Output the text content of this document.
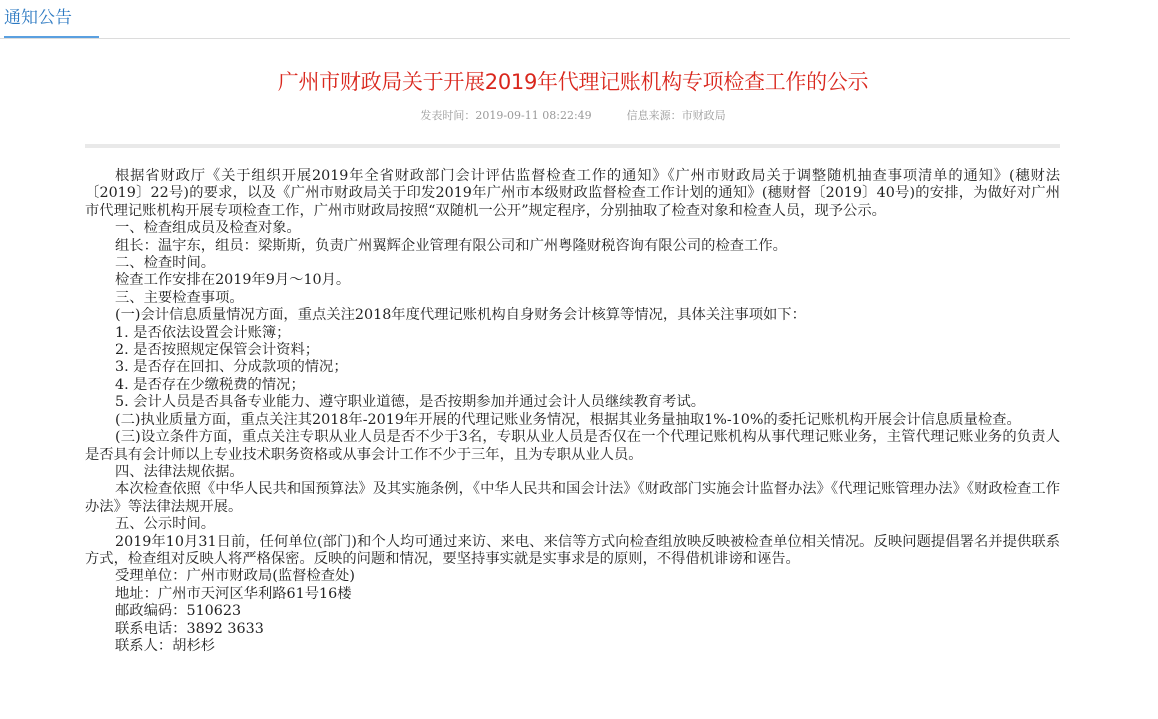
通知公告
广州市财政局关于开展2019年代理记账机构专项检查工作的公示
发表时间：2019-09-11 08:22:49	信息来源：市财政局

根据省财政厅《关于组织开展2019年全省财政部门会计评估监督检查工作的通知》《广州市财政局关于调整随机抽查事项清单的通知》(穗财法〔2019〕22号)的要求，以及《广州市财政局关于印发2019年广州市本级财政监督检查工作计划的通知》(穗财督〔2019〕40号)的安排，为做好对广州市代理记账机构开展专项检查工作，广州市财政局按照“双随机一公开”规定程序，分别抽取了检查对象和检查人员，现予公示。

一、检查组成员及检查对象。

组长：温宇东，组员：梁斯斯，负责广州翼辉企业管理有限公司和广州粤隆财税咨询有限公司的检查工作。

二、检查时间。

检查工作安排在2019年9月～10月。

三、主要检查事项。

(一)会计信息质量情况方面，重点关注2018年度代理记账机构自身财务会计核算等情况，具体关注事项如下：

1. 是否依法设置会计账簿；

2. 是否按照规定保管会计资料；

3. 是否存在回扣、分成款项的情况；

4. 是否存在少缴税费的情况；

5. 会计人员是否具备专业能力、遵守职业道德，是否按期参加并通过会计人员继续教育考试。

(二)执业质量方面，重点关注其2018年-2019年开展的代理记账业务情况，根据其业务量抽取1%-10%的委托记账机构开展会计信息质量检查。

(三)设立条件方面，重点关注专职从业人员是否不少于3名，专职从业人员是否仅在一个代理记账机构从事代理记账业务，主管代理记账业务的负责人是否具有会计师以上专业技术职务资格或从事会计工作不少于三年，且为专职从业人员。

四、法律法规依据。

本次检查依照《中华人民共和国预算法》及其实施条例，《中华人民共和国会计法》《财政部门实施会计监督办法》《代理记账管理办法》《财政检查工作办法》等法律法规开展。

五、公示时间。

2019年10月31日前，任何单位(部门)和个人均可通过来访、来电、来信等方式向检查组放映反映被检查单位相关情况。反映问题提倡署名并提供联系方式，检查组对反映人将严格保密。反映的问题和情况，要坚持事实就是实事求是的原则，不得借机诽谤和诬告。

受理单位：广州市财政局(监督检查处)

地址：广州市天河区华利路61号16楼

邮政编码：510623

联系电话：3892 3633

联系人：胡杉杉
